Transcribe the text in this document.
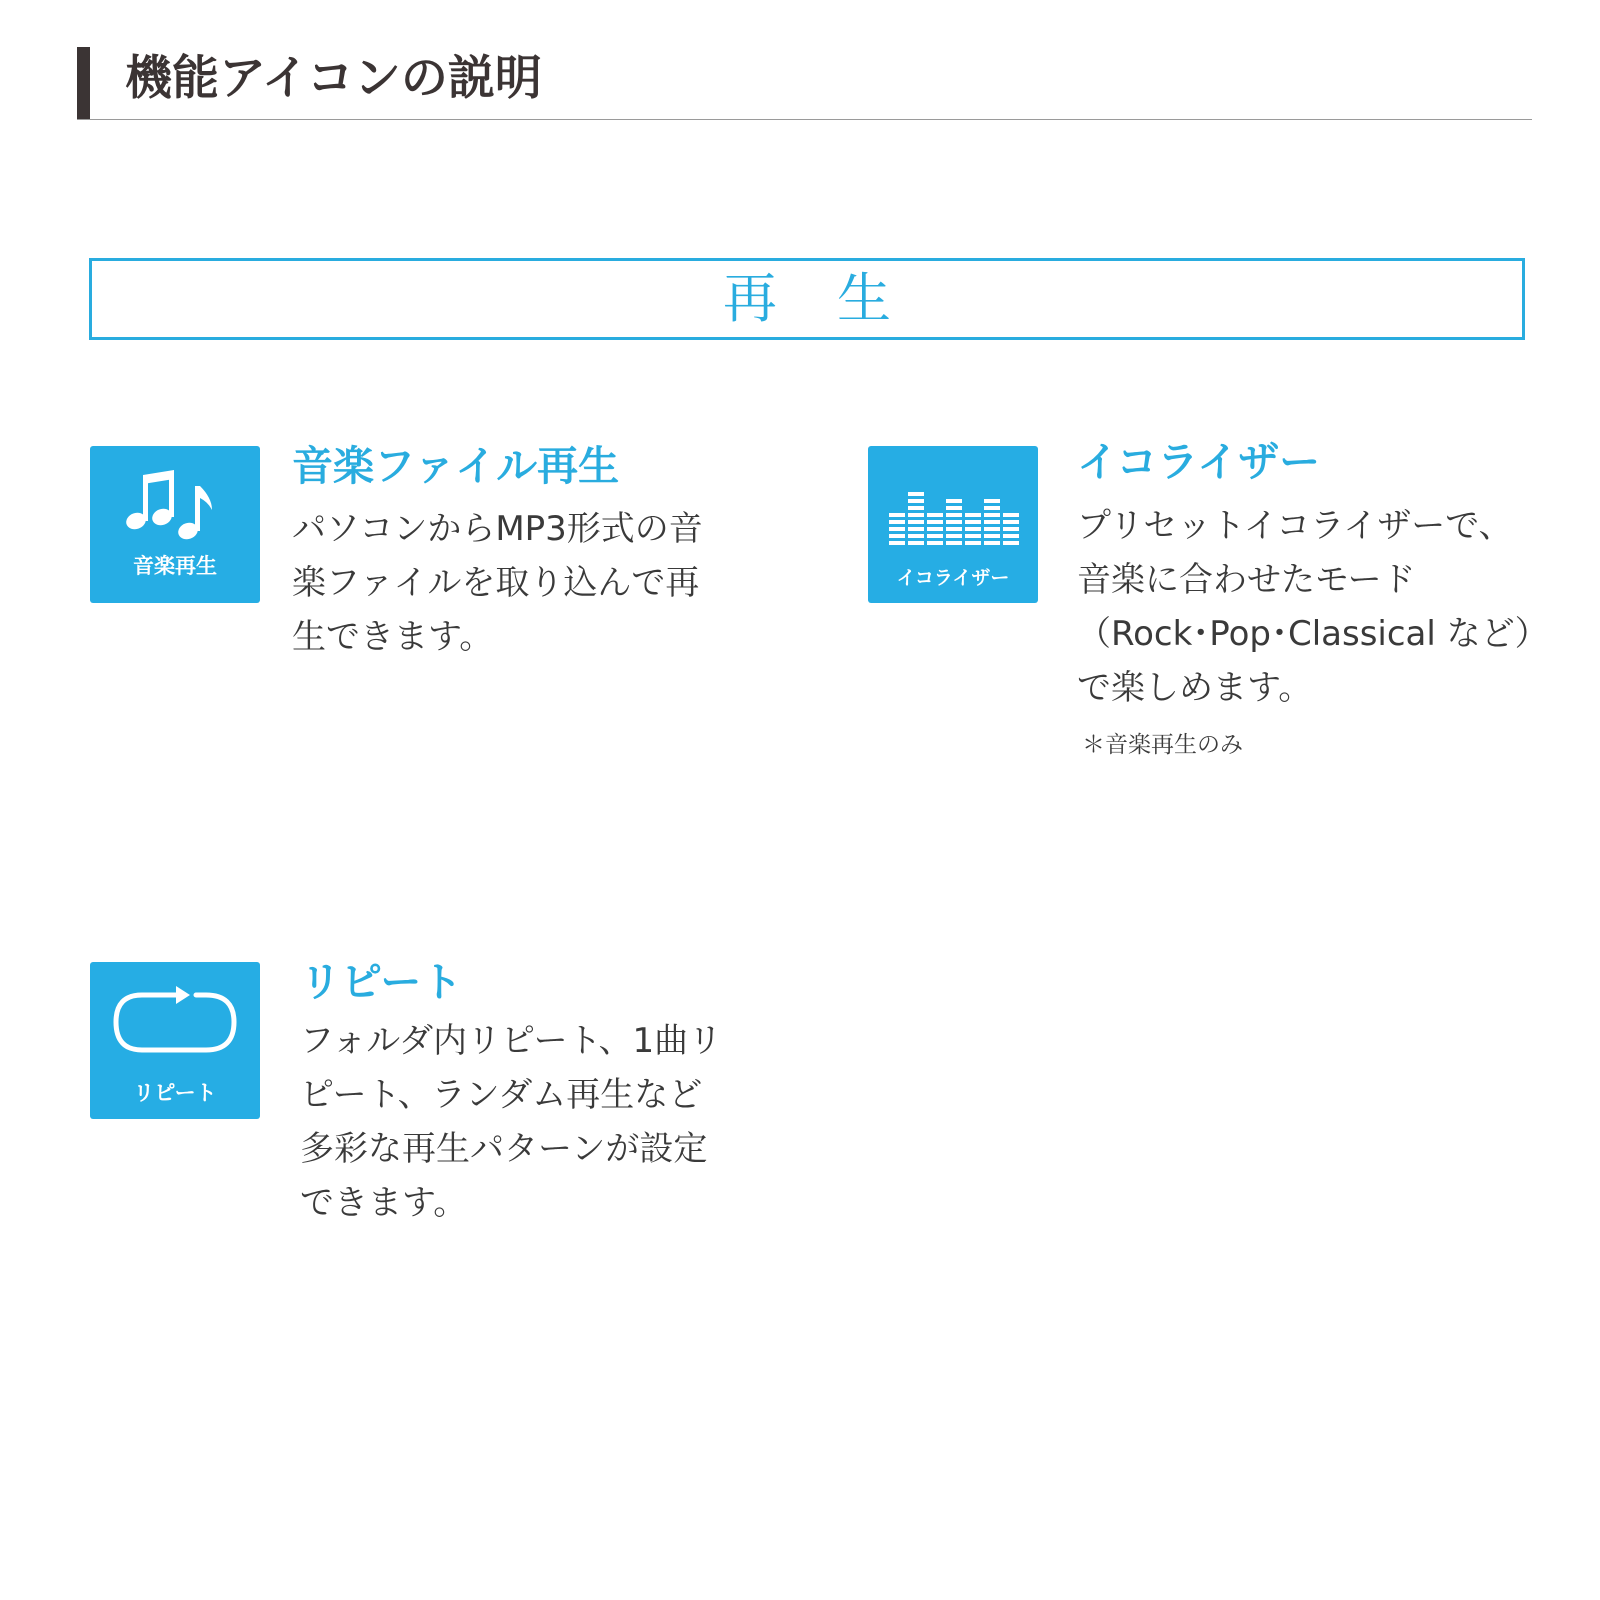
機能アイコンの説明
再生
音楽再生
音楽ファイル再生
パソコンからMP3形式の音
楽ファイルを取り込んで再
生できます。
イコライザー
イコライザー
プリセットイコライザーで、
音楽に合わせたモード
（Rock･Pop･Classical など）
で楽しめます。
＊音楽再生のみ
リピート
リピート
フォルダ内リピート、1曲リ
ピート、ランダム再生など
多彩な再生パターンが設定
できます。
